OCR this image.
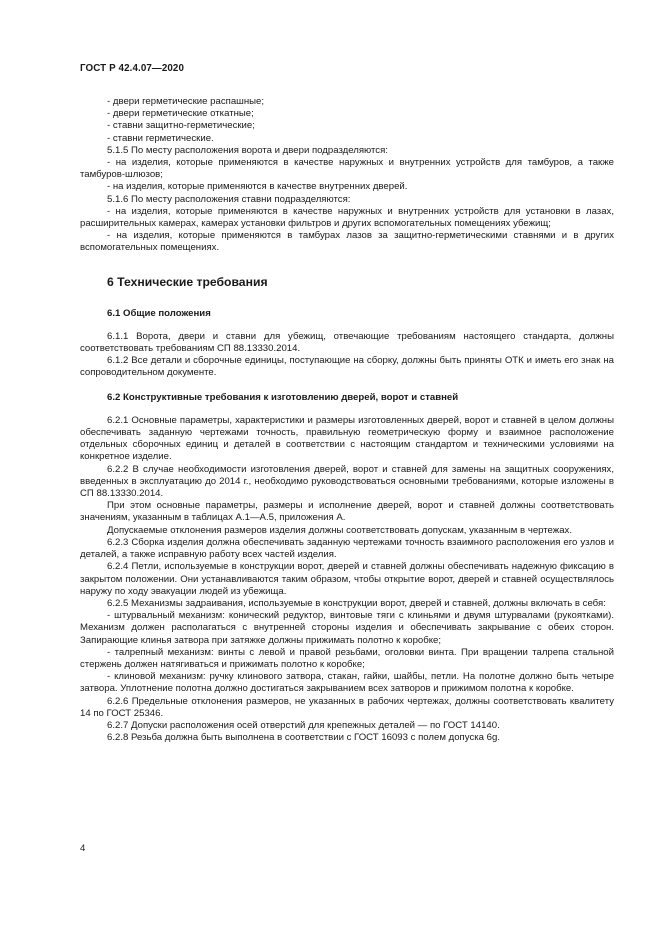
ГОСТ Р 42.4.07—2020

- двери герметические распашные;

- двери герметические откатные;

- ставни защитно-герметические;

- ставни герметические.

5.1.5 По месту расположения ворота и двери подразделяются:

- на изделия, которые применяются в качестве наружных и внутренних устройств для тамбуров, а также тамбуров-шлюзов;

- на изделия, которые применяются в качестве внутренних дверей.

5.1.6 По месту расположения ставни подразделяются:

- на изделия, которые применяются в качестве наружных и внутренних устройств для установки в лазах, расширительных камерах, камерах установки фильтров и других вспомогательных помещениях убежищ;

- на изделия, которые применяются в тамбурах лазов за защитно-герметическими ставнями и в других вспомогательных помещениях.

6 Технические требования
6.1 Общие положения

6.1.1 Ворота, двери и ставни для убежищ, отвечающие требованиям настоящего стандарта, должны соответствовать требованиям СП 88.13330.2014.

6.1.2 Все детали и сборочные единицы, поступающие на сборку, должны быть приняты ОТК и иметь его знак на сопроводительном документе.

6.2 Конструктивные требования к изготовлению дверей, ворот и ставней

6.2.1 Основные параметры, характеристики и размеры изготовленных дверей, ворот и ставней в целом должны обеспечивать заданную чертежами точность, правильную геометрическую форму и взаимное расположение отдельных сборочных единиц и деталей в соответствии с настоящим стандартом и техническими условиями на конкретное изделие.

6.2.2 В случае необходимости изготовления дверей, ворот и ставней для замены на защитных сооружениях, введенных в эксплуатацию до 2014 г., необходимо руководствоваться основными требованиями, которые изложены в СП 88.13330.2014.

При этом основные параметры, размеры и исполнение дверей, ворот и ставней должны соответствовать значениям, указанным в таблицах А.1—А.5, приложения А.

Допускаемые отклонения размеров изделия должны соответствовать допускам, указанным в чертежах.

6.2.3 Сборка изделия должна обеспечивать заданную чертежами точность взаимного расположения его узлов и деталей, а также исправную работу всех частей изделия.

6.2.4 Петли, используемые в конструкции ворот, дверей и ставней должны обеспечивать надежную фиксацию в закрытом положении. Они устанавливаются таким образом, чтобы открытие ворот, дверей и ставней осуществлялось наружу по ходу эвакуации людей из убежища.

6.2.5 Механизмы задраивания, используемые в конструкции ворот, дверей и ставней, должны включать в себя:

- штурвальный механизм: конический редуктор, винтовые тяги с клиньями и двумя штурвалами (рукоятками). Механизм должен располагаться с внутренней стороны изделия и обеспечивать закрывание с обеих сторон. Запирающие клинья затвора при затяжке должны прижимать полотно к коробке;

- талрепный механизм: винты с левой и правой резьбами, оголовки винта. При вращении талрепа стальной стержень должен натягиваться и прижимать полотно к коробке;

- клиновой механизм: ручку клинового затвора, стакан, гайки, шайбы, петли. На полотне должно быть четыре затвора. Уплотнение полотна должно достигаться закрыванием всех затворов и прижимом полотна к коробке.

6.2.6 Предельные отклонения размеров, не указанных в рабочих чертежах, должны соответствовать квалитету 14 по ГОСТ 25346.

6.2.7 Допуски расположения осей отверстий для крепежных деталей — по ГОСТ 14140.

6.2.8 Резьба должна быть выполнена в соответствии с ГОСТ 16093 с полем допуска 6g.

4
